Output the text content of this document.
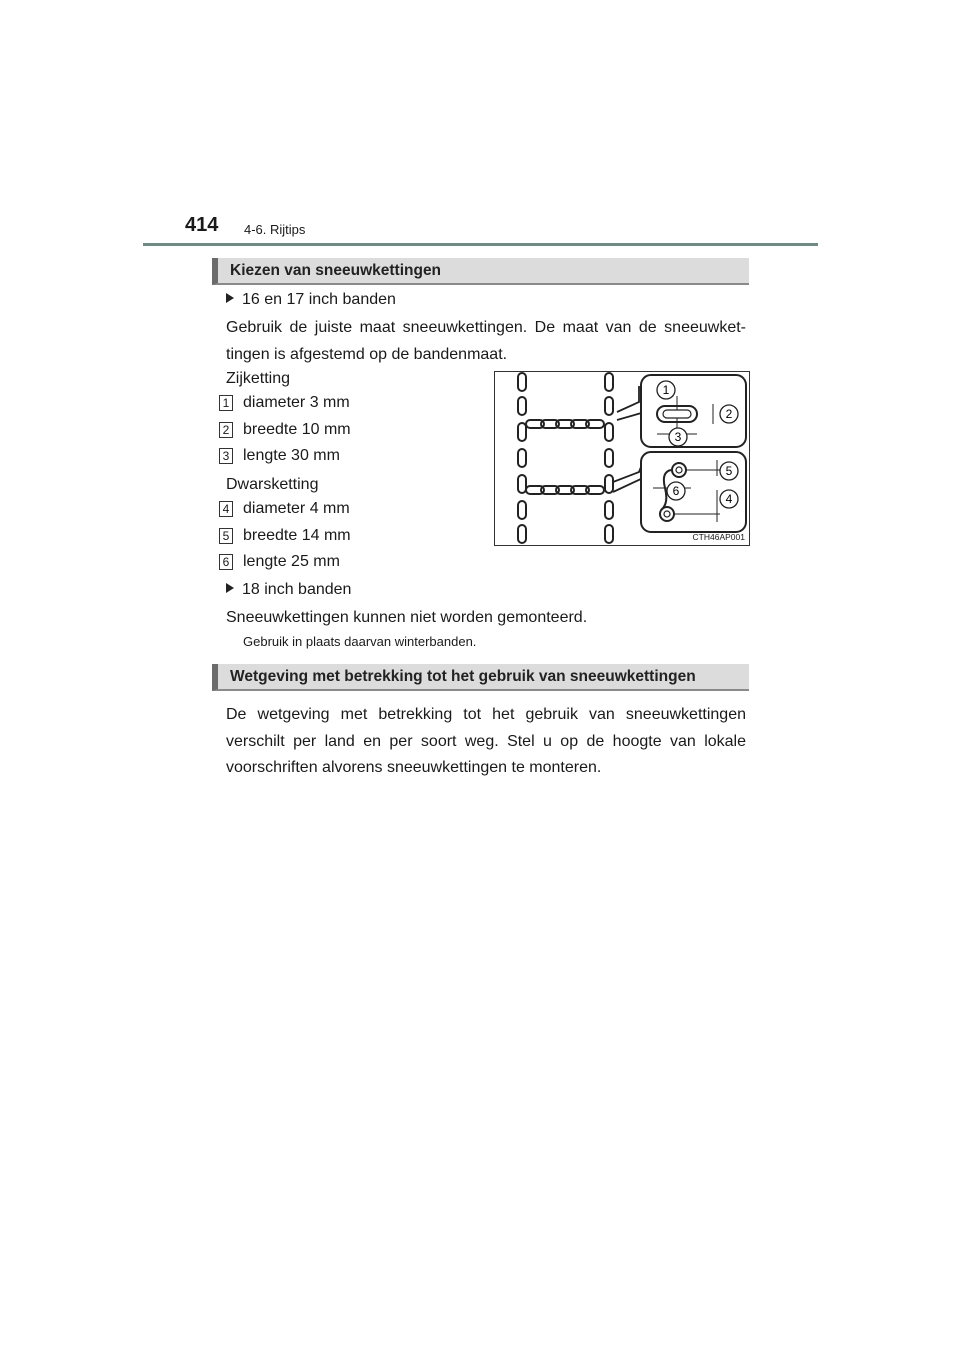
414 4-6. Rijtips
Kiezen van sneeuwkettingen
16 en 17 inch banden
Gebruik de juiste maat sneeuwkettingen. De maat van de sneeuwket-tingen is afgestemd op de bandenmaat.
Zijketting
1 diameter 3 mm
2 breedte 10 mm
3 lengte 30 mm
Dwarsketting
4 diameter 4 mm
5 breedte 14 mm
6 lengte 25 mm
18 inch banden
Sneeuwkettingen kunnen niet worden gemonteerd.
Gebruik in plaats daarvan winterbanden.
1
2
3
4
5
6
CTH46AP001
Wetgeving met betrekking tot het gebruik van sneeuwkettingen
De wetgeving met betrekking tot het gebruik van sneeuwkettingen verschilt per land en per soort weg. Stel u op de hoogte van lokale voorschriften alvorens sneeuwkettingen te monteren.
